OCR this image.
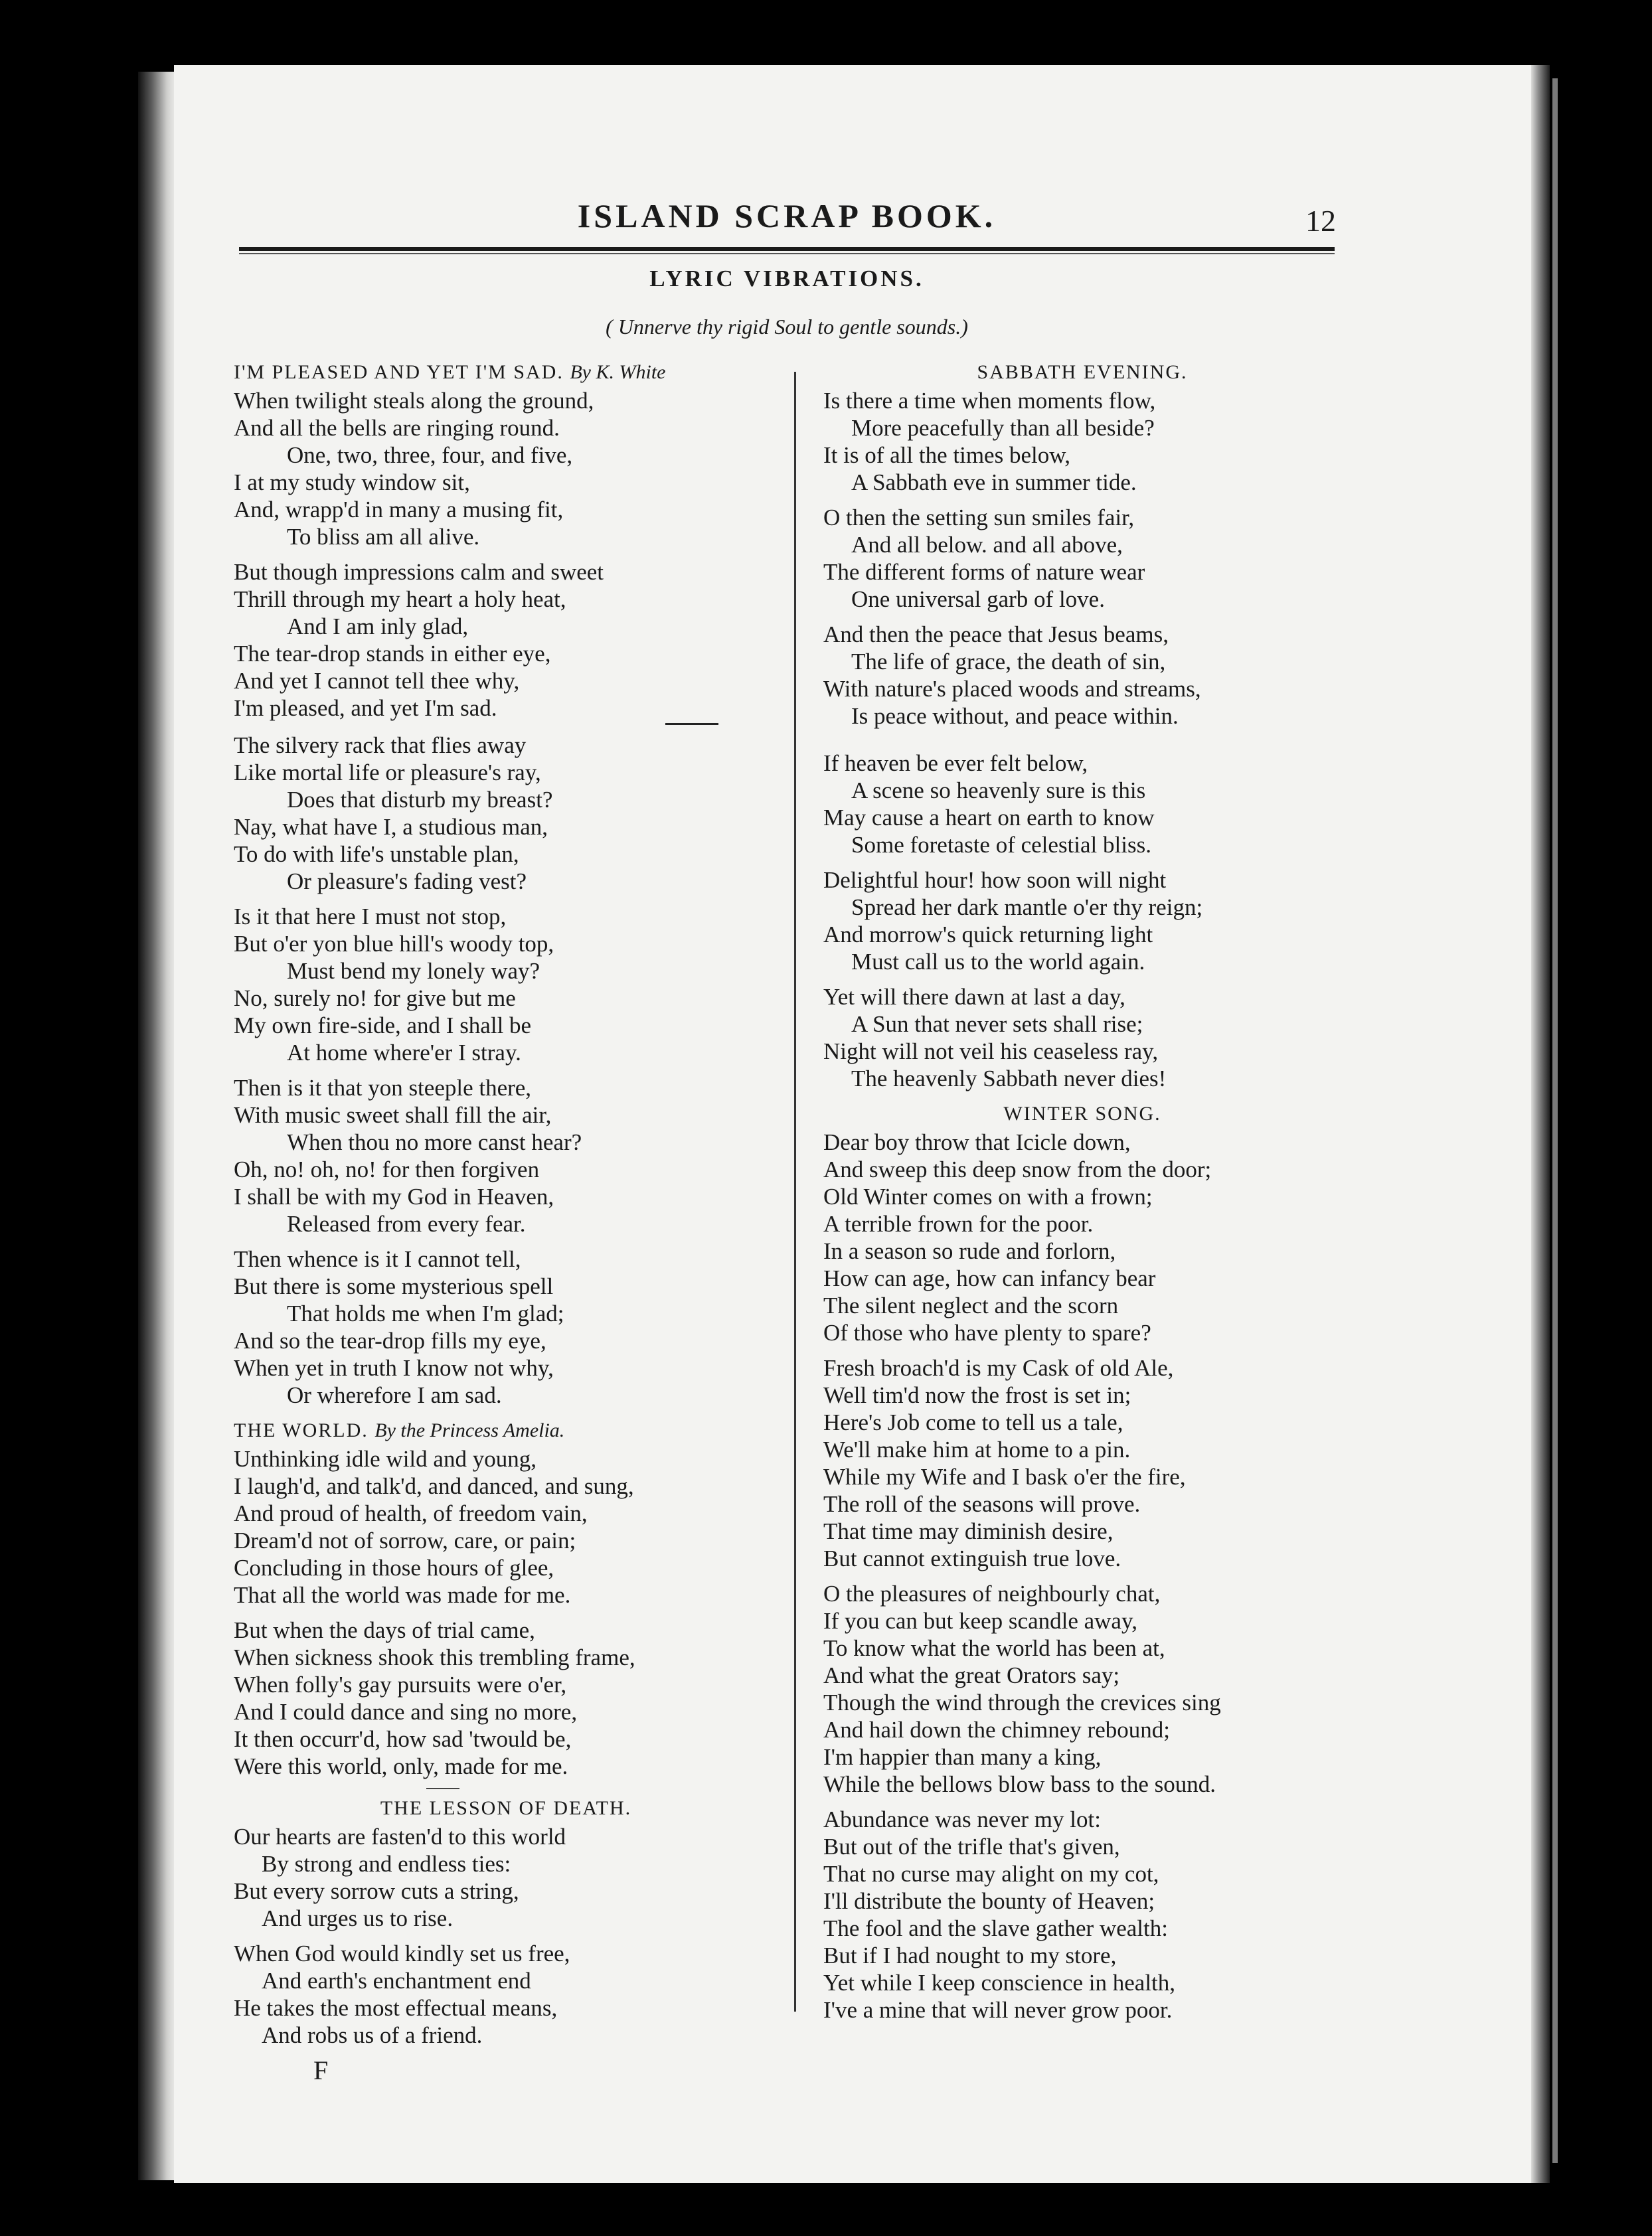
ISLAND SCRAP BOOK.	12
LYRIC VIBRATIONS.
( Unnerve thy rigid Soul to gentle sounds.)
I'M PLEASED AND YET I'M SAD. By K. White
When twilight steals along the ground,
And all the bells are ringing round.
One, two, three, four, and five,
I at my study window sit,
And, wrapp'd in many a musing fit,
To bliss am all alive.
But though impressions calm and sweet
Thrill through my heart a holy heat,
And I am inly glad,
The tear-drop stands in either eye,
And yet I cannot tell thee why,
I'm pleased, and yet I'm sad.
The silvery rack that flies away
Like mortal life or pleasure's ray,
Does that disturb my breast?
Nay, what have I, a studious man,
To do with life's unstable plan,
Or pleasure's fading vest?
Is it that here I must not stop,
But o'er yon blue hill's woody top,
Must bend my lonely way?
No, surely no! for give but me
My own fire-side, and I shall be
At home where'er I stray.
Then is it that yon steeple there,
With music sweet shall fill the air,
When thou no more canst hear?
Oh, no! oh, no! for then forgiven
I shall be with my God in Heaven,
Released from every fear.
Then whence is it I cannot tell,
But there is some mysterious spell
That holds me when I'm glad;
And so the tear-drop fills my eye,
When yet in truth I know not why,
Or wherefore I am sad.
THE WORLD. By the Princess Amelia.
Unthinking idle wild and young,
I laugh'd, and talk'd, and danced, and sung,
And proud of health, of freedom vain,
Dream'd not of sorrow, care, or pain;
Concluding in those hours of glee,
That all the world was made for me.
But when the days of trial came,
When sickness shook this trembling frame,
When folly's gay pursuits were o'er,
And I could dance and sing no more,
It then occurr'd, how sad 'twould be,
Were this world, only, made for me.
THE LESSON OF DEATH.
Our hearts are fasten'd to this world
By strong and endless ties:
But every sorrow cuts a string,
And urges us to rise.
When God would kindly set us free,
And earth's enchantment end
He takes the most effectual means,
And robs us of a friend.
F
SABBATH EVENING.
Is there a time when moments flow,
More peacefully than all beside?
It is of all the times below,
A Sabbath eve in summer tide.
O then the setting sun smiles fair,
And all below. and all above,
The different forms of nature wear
One universal garb of love.
And then the peace that Jesus beams,
The life of grace, the death of sin,
With nature's placed woods and streams,
Is peace without, and peace within.
If heaven be ever felt below,
A scene so heavenly sure is this
May cause a heart on earth to know
Some foretaste of celestial bliss.
Delightful hour! how soon will night
Spread her dark mantle o'er thy reign;
And morrow's quick returning light
Must call us to the world again.
Yet will there dawn at last a day,
A Sun that never sets shall rise;
Night will not veil his ceaseless ray,
The heavenly Sabbath never dies!
WINTER SONG.
Dear boy throw that Icicle down,
And sweep this deep snow from the door;
Old Winter comes on with a frown;
A terrible frown for the poor.
In a season so rude and forlorn,
How can age, how can infancy bear
The silent neglect and the scorn
Of those who have plenty to spare?
Fresh broach'd is my Cask of old Ale,
Well tim'd now the frost is set in;
Here's Job come to tell us a tale,
We'll make him at home to a pin.
While my Wife and I bask o'er the fire,
The roll of the seasons will prove.
That time may diminish desire,
But cannot extinguish true love.
O the pleasures of neighbourly chat,
If you can but keep scandle away,
To know what the world has been at,
And what the great Orators say;
Though the wind through the crevices sing
And hail down the chimney rebound;
I'm happier than many a king,
While the bellows blow bass to the sound.
Abundance was never my lot:
But out of the trifle that's given,
That no curse may alight on my cot,
I'll distribute the bounty of Heaven;
The fool and the slave gather wealth:
But if I had nought to my store,
Yet while I keep conscience in health,
I've a mine that will never grow poor.
